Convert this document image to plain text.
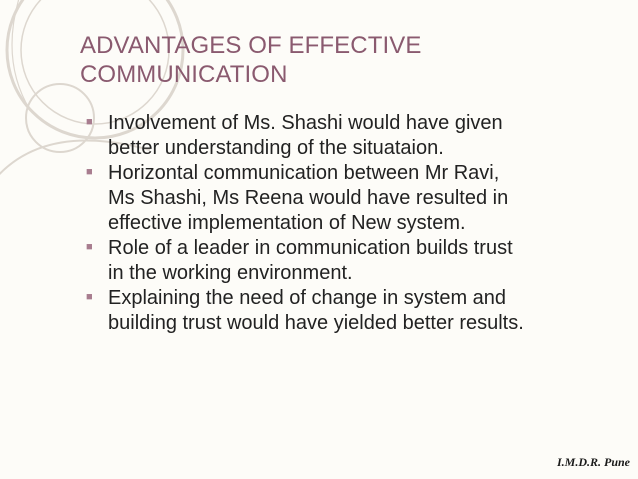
ADVANTAGES OF EFFECTIVE
COMMUNICATION
■ Involvement of Ms. Shashi would have given
better understanding of the situataion.
■ Horizontal communication between Mr Ravi,
Ms Shashi, Ms Reena would have resulted in
effective implementation of New system.
■ Role of a leader in communication builds trust
in the working environment.
■ Explaining the need of change in system and
building trust would have yielded better results.
I.M.D.R. Pune
